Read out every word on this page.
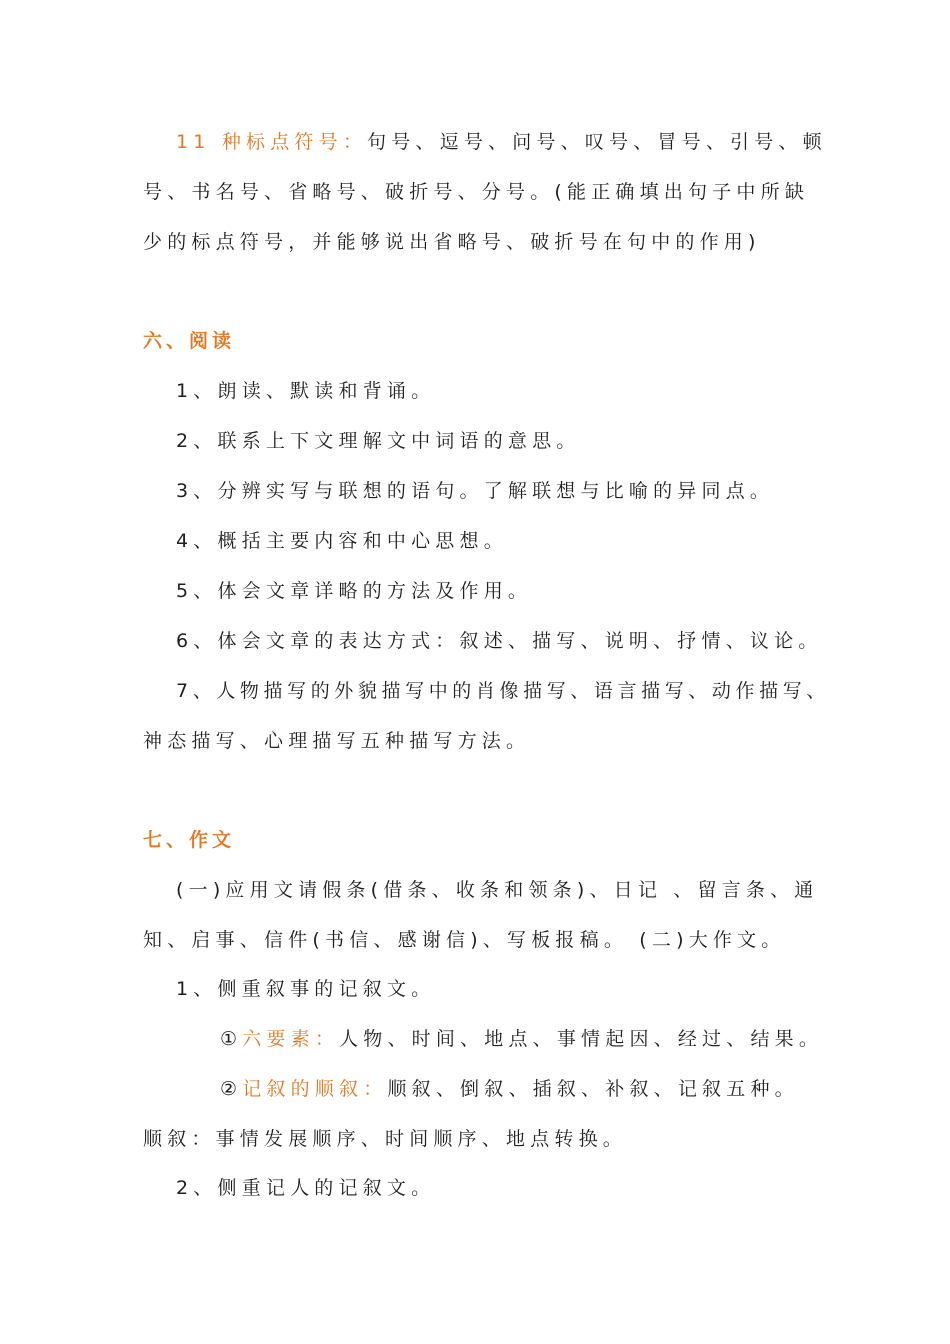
11 种标点符号：句号、逗号、问号、叹号、冒号、引号、顿
号、书名号、省略号、破折号、分号。(能正确填出句子中所缺
少的标点符号，并能够说出省略号、破折号在句中的作用)
六、阅读
1、朗读、默读和背诵。
2、联系上下文理解文中词语的意思。
3、分辨实写与联想的语句。了解联想与比喻的异同点。
4、概括主要内容和中心思想。
5、体会文章详略的方法及作用。
6、体会文章的表达方式：叙述、描写、说明、抒情、议论。
7、人物描写的外貌描写中的肖像描写、语言描写、动作描写、
神态描写、心理描写五种描写方法。
七、作文
(一)应用文请假条(借条、收条和领条)、日记 、留言条、通
知、启事、信件(书信、感谢信)、写板报稿。 (二)大作文。
1、侧重叙事的记叙文。
①六要素：人物、时间、地点、事情起因、经过、结果。
②记叙的顺叙：顺叙、倒叙、插叙、补叙、记叙五种。
顺叙：事情发展顺序、时间顺序、地点转换。
2、侧重记人的记叙文。
